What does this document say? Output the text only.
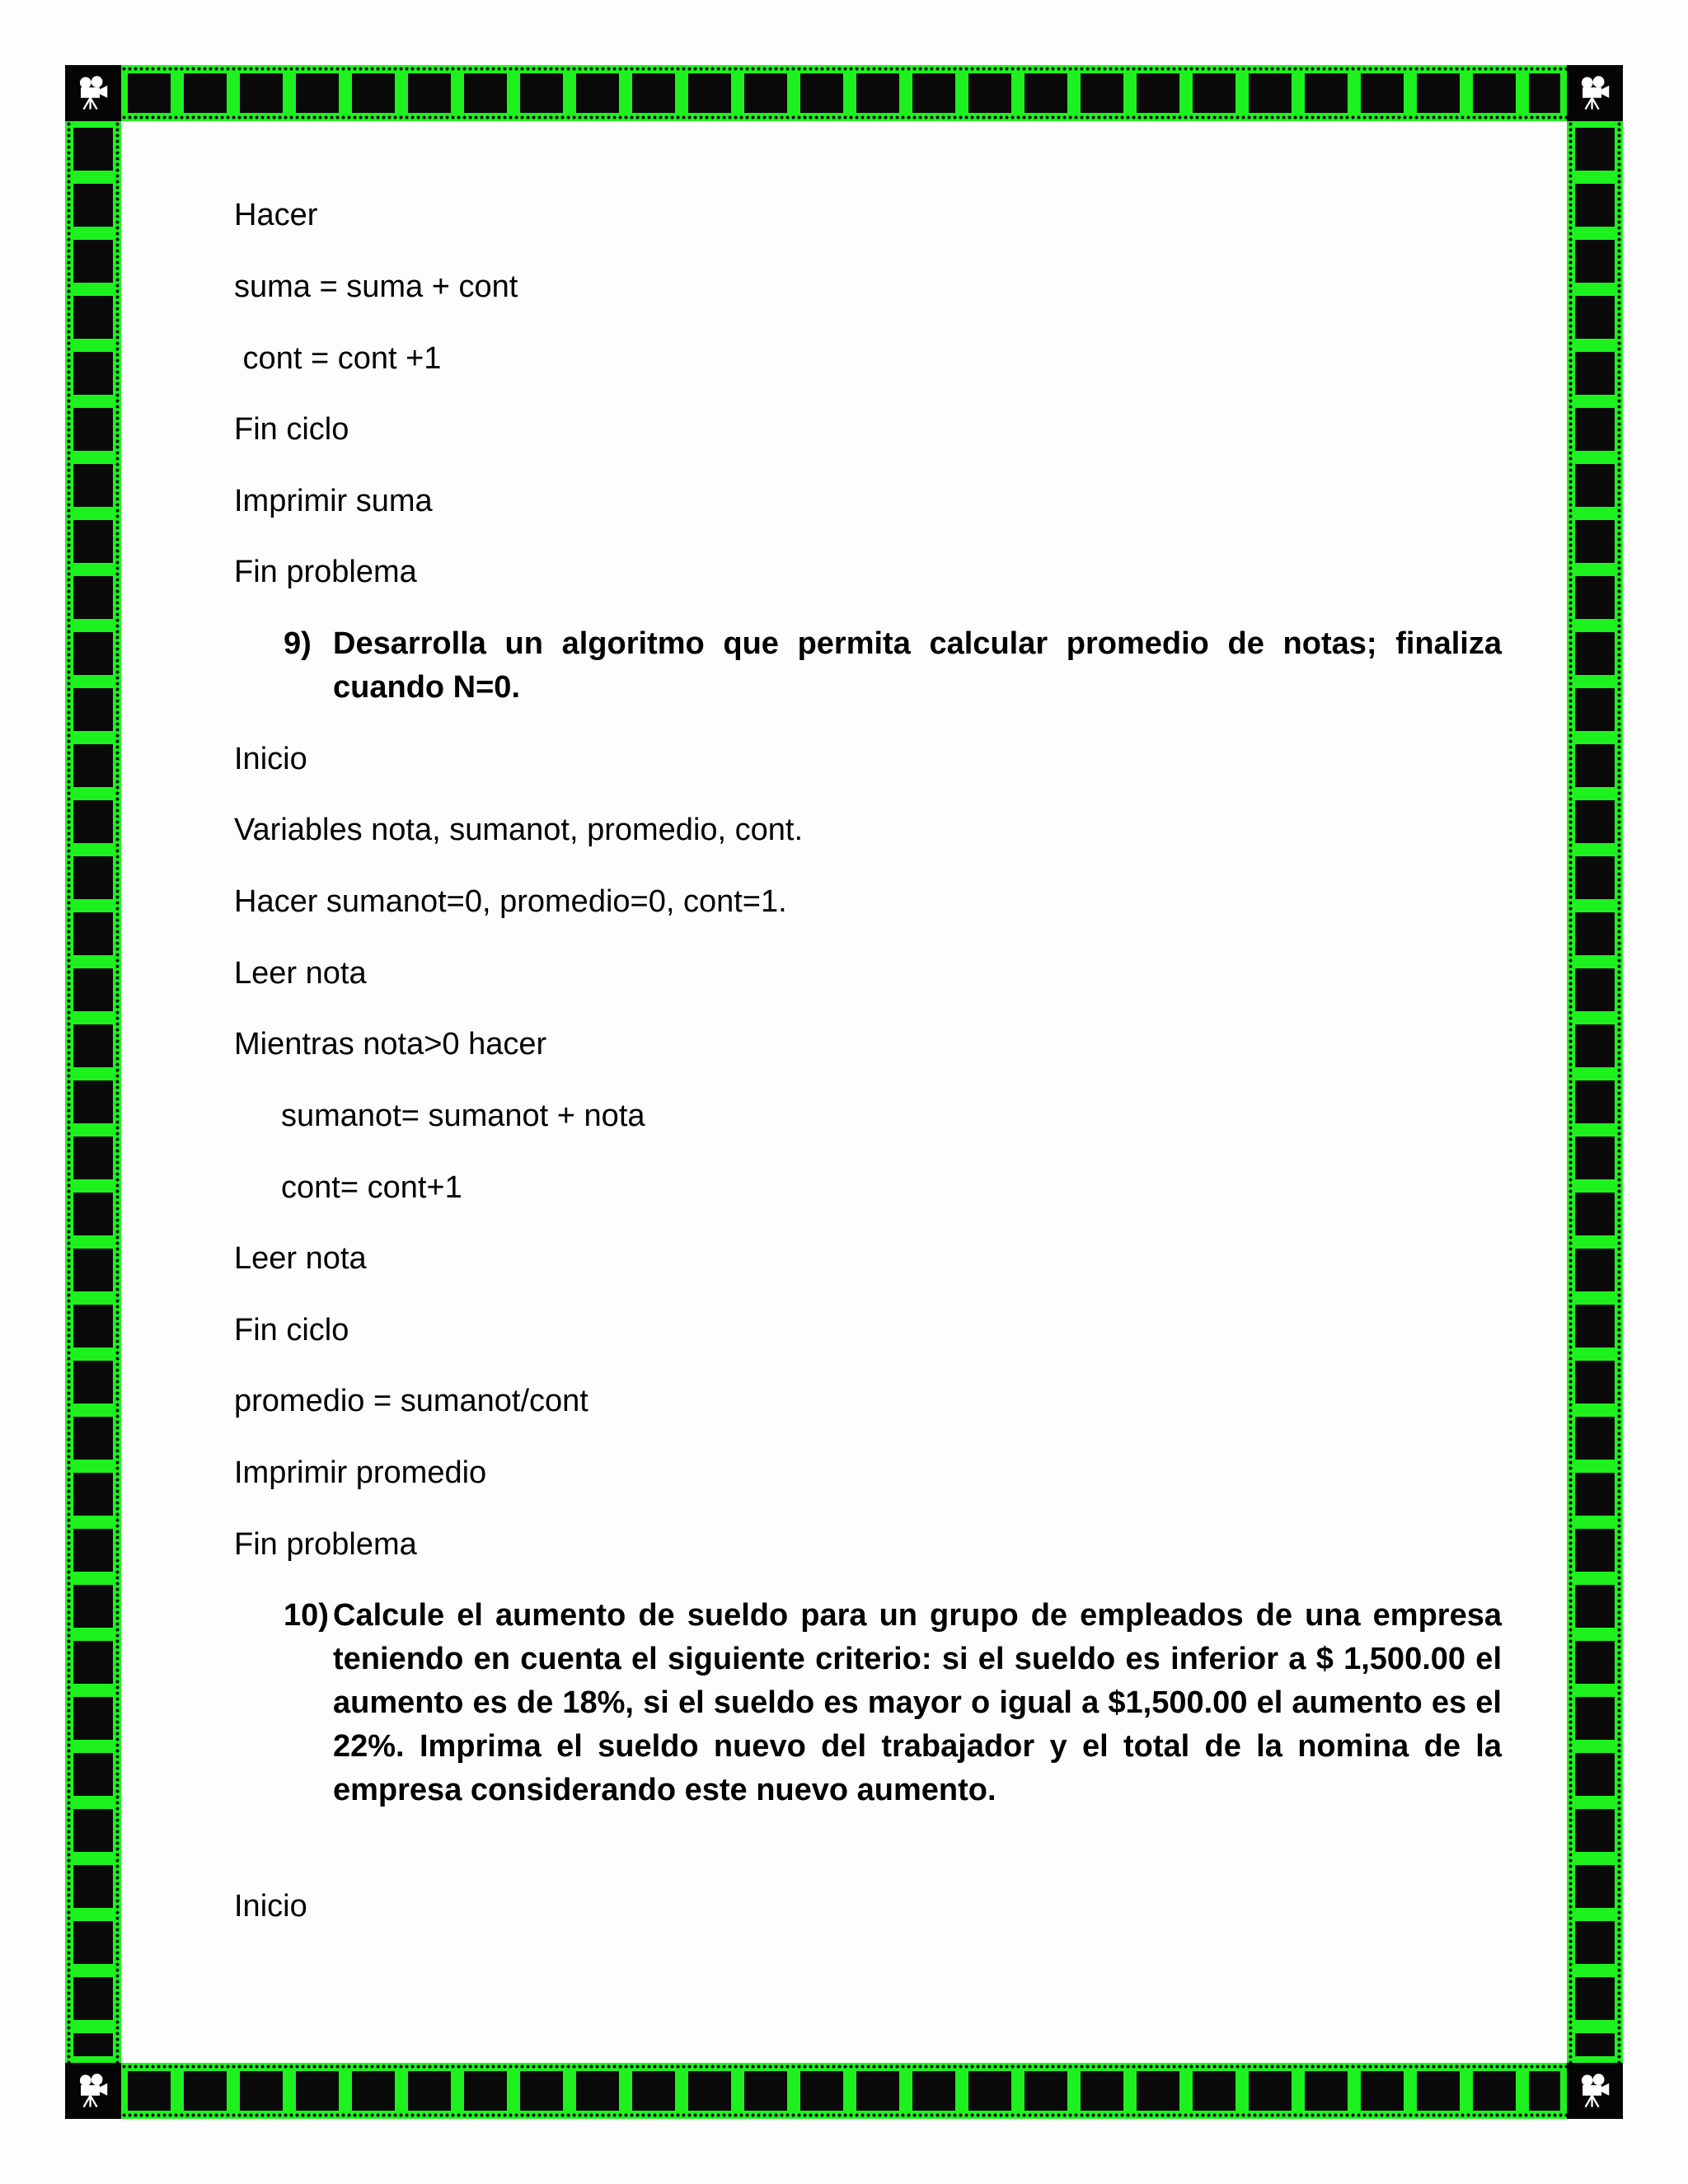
Hacer
suma = suma + cont
cont = cont +1
Fin ciclo
Imprimir suma
Fin problema
9) Desarrolla un algoritmo que permita calcular promedio de notas; finaliza cuando N=0.
Inicio
Variables nota, sumanot, promedio, cont.
Hacer sumanot=0, promedio=0, cont=1.
Leer nota
Mientras nota>0 hacer
sumanot= sumanot + nota
cont= cont+1
Leer nota
Fin ciclo
promedio = sumanot/cont
Imprimir promedio
Fin problema
10) Calcule el aumento de sueldo para un grupo de empleados de una empresa teniendo en cuenta el siguiente criterio: si el sueldo es inferior a $ 1,500.00 el aumento es de 18%, si el sueldo es mayor o igual a $1,500.00 el aumento es el 22%. Imprima el sueldo nuevo del trabajador y el total de la nomina de la empresa considerando este nuevo aumento.
Inicio
